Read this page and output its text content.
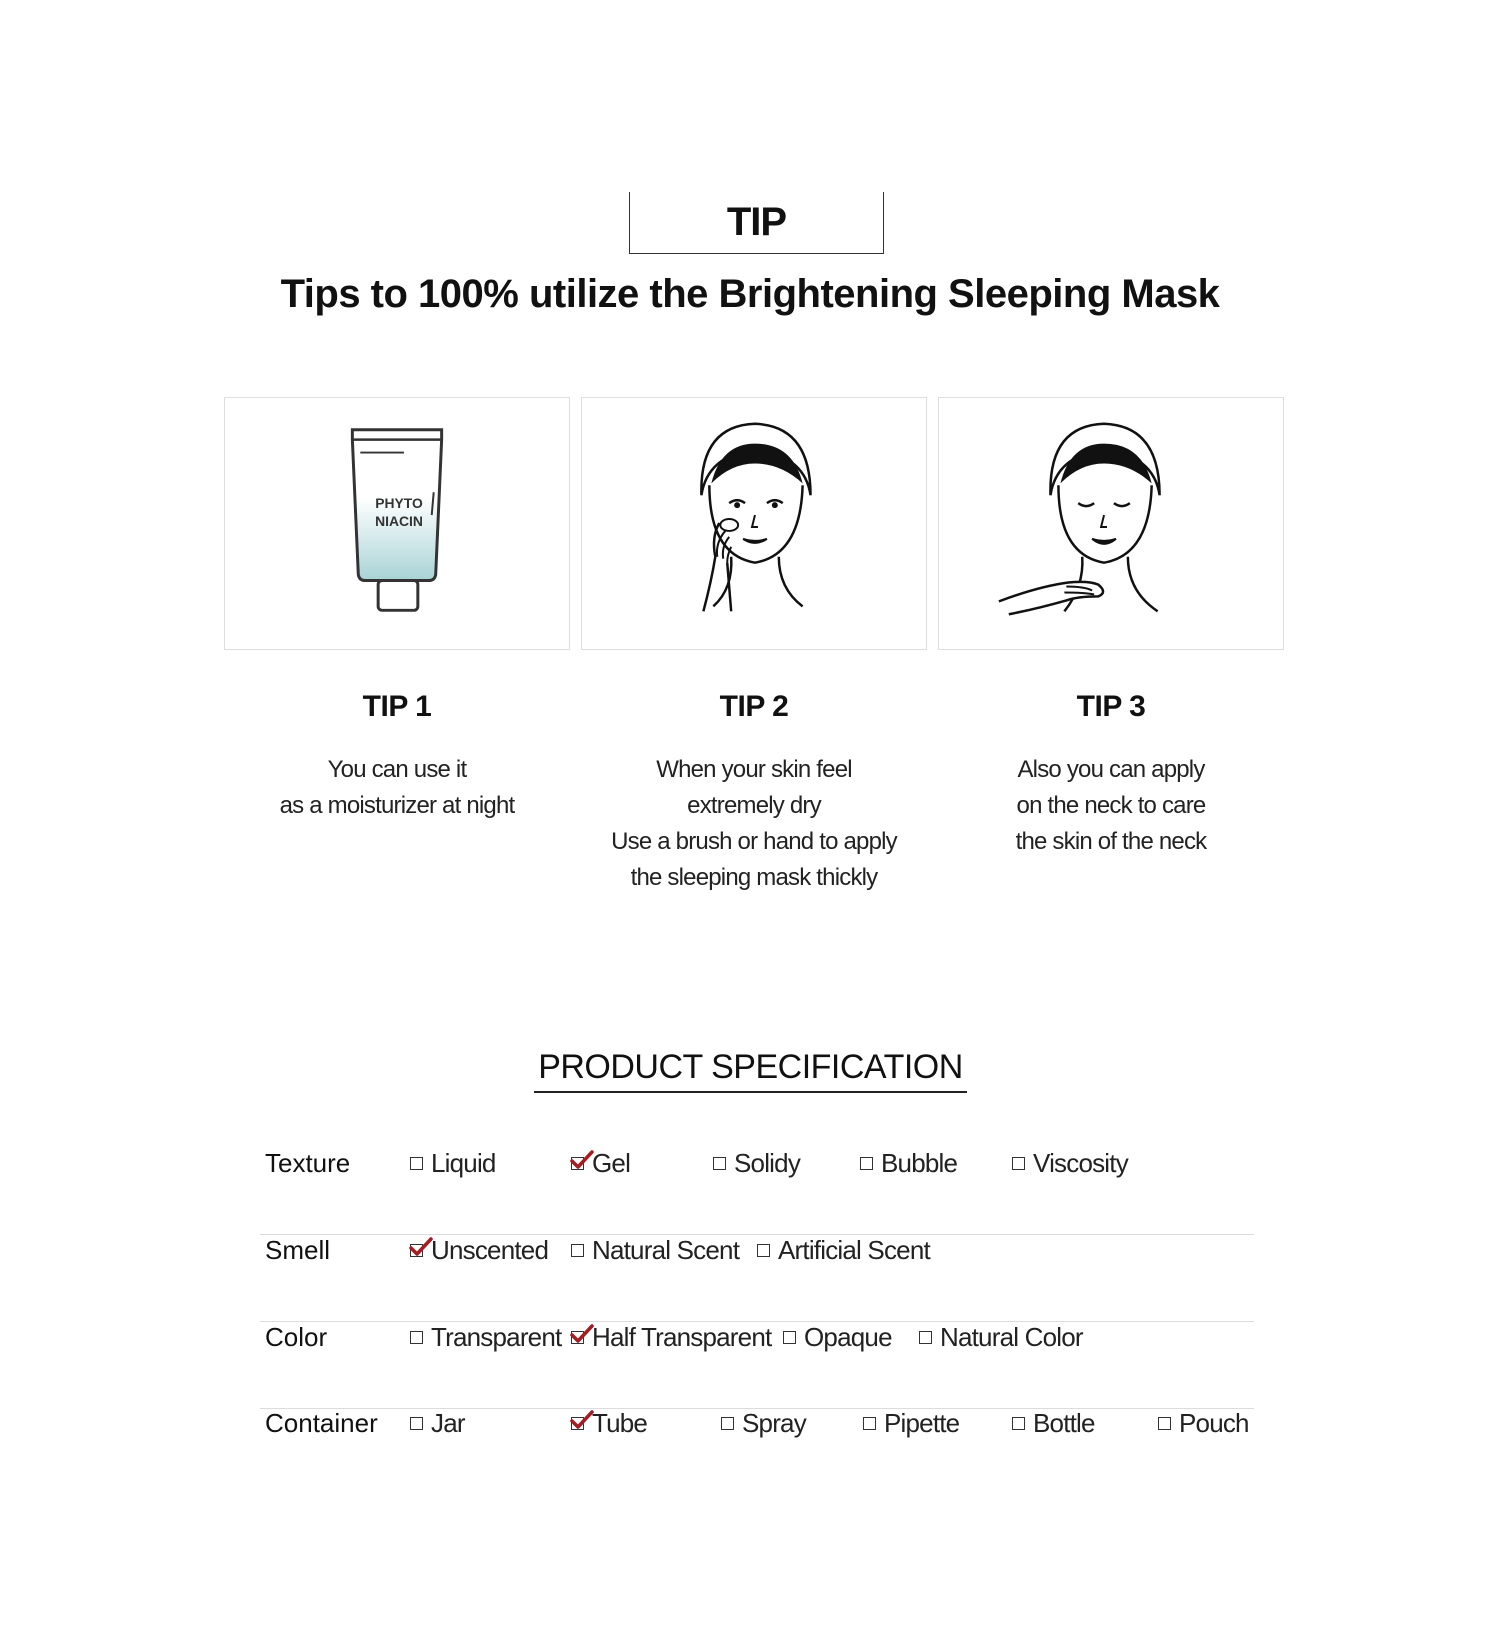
TIP
Tips to 100% utilize the Brightening Sleeping Mask
PHYTO
NIACIN
TIP 1
You can use it
as a moisturizer at night
TIP 2
When your skin feel
extremely dry
Use a brush or hand to apply
the sleeping mask thickly
TIP 3
Also you can apply
on the neck to care
the skin of the neck
PRODUCT SPECIFICATION
Texture	Liquid	Gel	Solidy	Bubble	Viscosity
Smell	Unscented	Natural Scent	Artificial Scent
Color	Transparent	Half Transparent	Opaque	Natural Color
Container	Jar	Tube	Spray	Pipette	Bottle	Pouch
